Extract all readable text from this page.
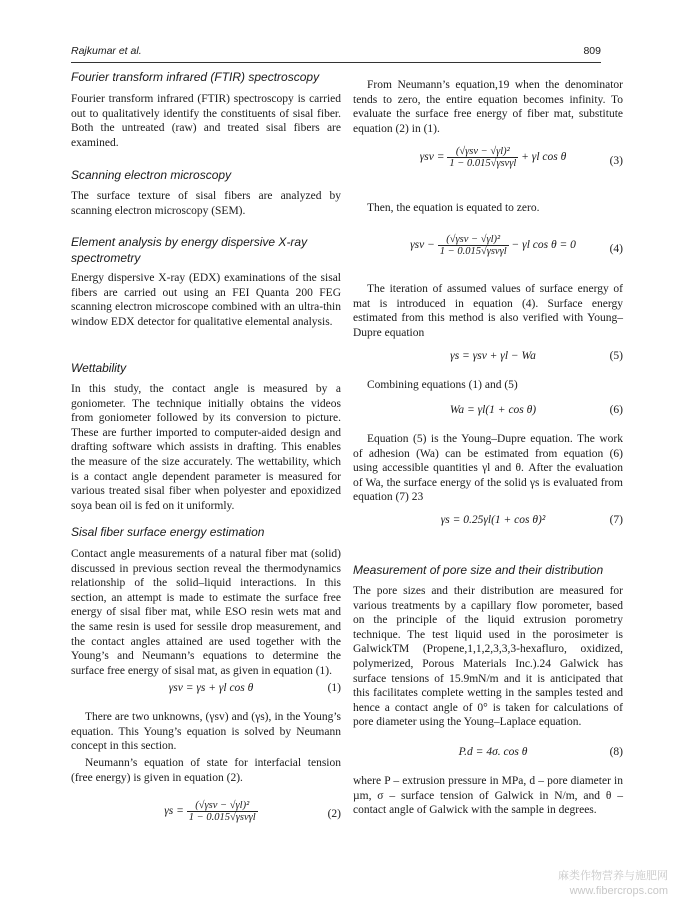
Rajkumar et al.	809
Fourier transform infrared (FTIR) spectroscopy

Fourier transform infrared (FTIR) spectroscopy is carried out to qualitatively identify the constituents of sisal fiber. Both the untreated (raw) and treated sisal fibers are examined.

Scanning electron microscopy

The surface texture of sisal fibers are analyzed by scanning electron microscopy (SEM).

Element analysis by energy dispersive X-ray spectrometry

Energy dispersive X-ray (EDX) examinations of the sisal fibers are carried out using an FEI Quanta 200 FEG scanning electron microscope combined with an ultra-thin window EDX detector for qualitative elemental analysis.

Wettability

In this study, the contact angle is measured by a goniometer. The technique initially obtains the videos from goniometer followed by its conversion to picture. These are further imported to computer-aided design and drafting software which assists in drafting. This enables the measure of the size accurately. The wettability, which is a contact angle dependent parameter is measured for various treated sisal fiber when polyester and epoxidized soya bean oil is fed on it uniformly.

Sisal fiber surface energy estimation

Contact angle measurements of a natural fiber mat (solid) discussed in previous section reveal the thermodynamics relationship of the solid–liquid interactions. In this section, an attempt is made to estimate the surface free energy of sisal fiber mat, while ESO resin wets mat and the same resin is used for sessile drop measurement, and the contact angles attained are used together with the Young’s and Neumann’s equations to determine the surface free energy of sisal mat, as given in equation (1).

γsv = γs + γl cos θ	(1)

There are two unknowns, (γsv) and (γs), in the Young’s equation. This Young’s equation is solved by Neumann concept in this section.

Neumann’s equation of state for interfacial tension (free energy) is given in equation (2).

$\gamma s = \frac{\text{(√γsv − √γl)²}}{\text{1 − 0.015√γsvγl}}$	(2)

From Neumann’s equation,19 when the denominator tends to zero, the entire equation becomes infinity. To evaluate the surface free energy of fiber mat, substitute equation (2) in (1).

$\gamma sv = \frac{\text{(√γsv − √γl)²}}{\text{1 − 0.015√γsvγl}} + \gamma l$ cos θ	(3)

Then, the equation is equated to zero.

$\gamma sv - \frac{\text{(√γsv − √γl)²}}{\text{1 − 0.015√γsvγl}} - \gamma l$ cos θ = 0	(4)

The iteration of assumed values of surface energy of mat is introduced in equation (4). Surface energy estimated from this method is also verified with Young–Dupre equation

γs = γsv + γl − Wa	(5)

Combining equations (1) and (5)

Wa = γl(1 + cos θ)	(6)

Equation (5) is the Young–Dupre equation. The work of adhesion (Wa) can be estimated from equation (6) using accessible quantities γl and θ. After the evaluation of Wa, the surface energy of the solid γs is evaluated from equation (7) 23

γs = 0.25γl(1 + cos θ)²	(7)
Measurement of pore size and their distribution

The pore sizes and their distribution are measured for various treatments by a capillary flow porometer, based on the principle of the liquid extrusion porometry technique. The test liquid used in the porosimeter is GalwickTM (Propene,1,1,2,3,3,3-hexafluro, oxidized, polymerized, Porous Materials Inc.).24 Galwick has surface tensions of 15.9mN/m and it is anticipated that this facilitates complete wetting in the samples tested and hence a contact angle of 0° is taken for calculations of pore diameter using the Young–Laplace equation.

P.d = 4σ. cos θ	(8)

where P – extrusion pressure in MPa, d – pore diameter in µm, σ – surface tension of Galwick in N/m, and θ – contact angle of Galwick with the sample in degrees.

麻类作物营养与施肥网
www.fibercrops.com
